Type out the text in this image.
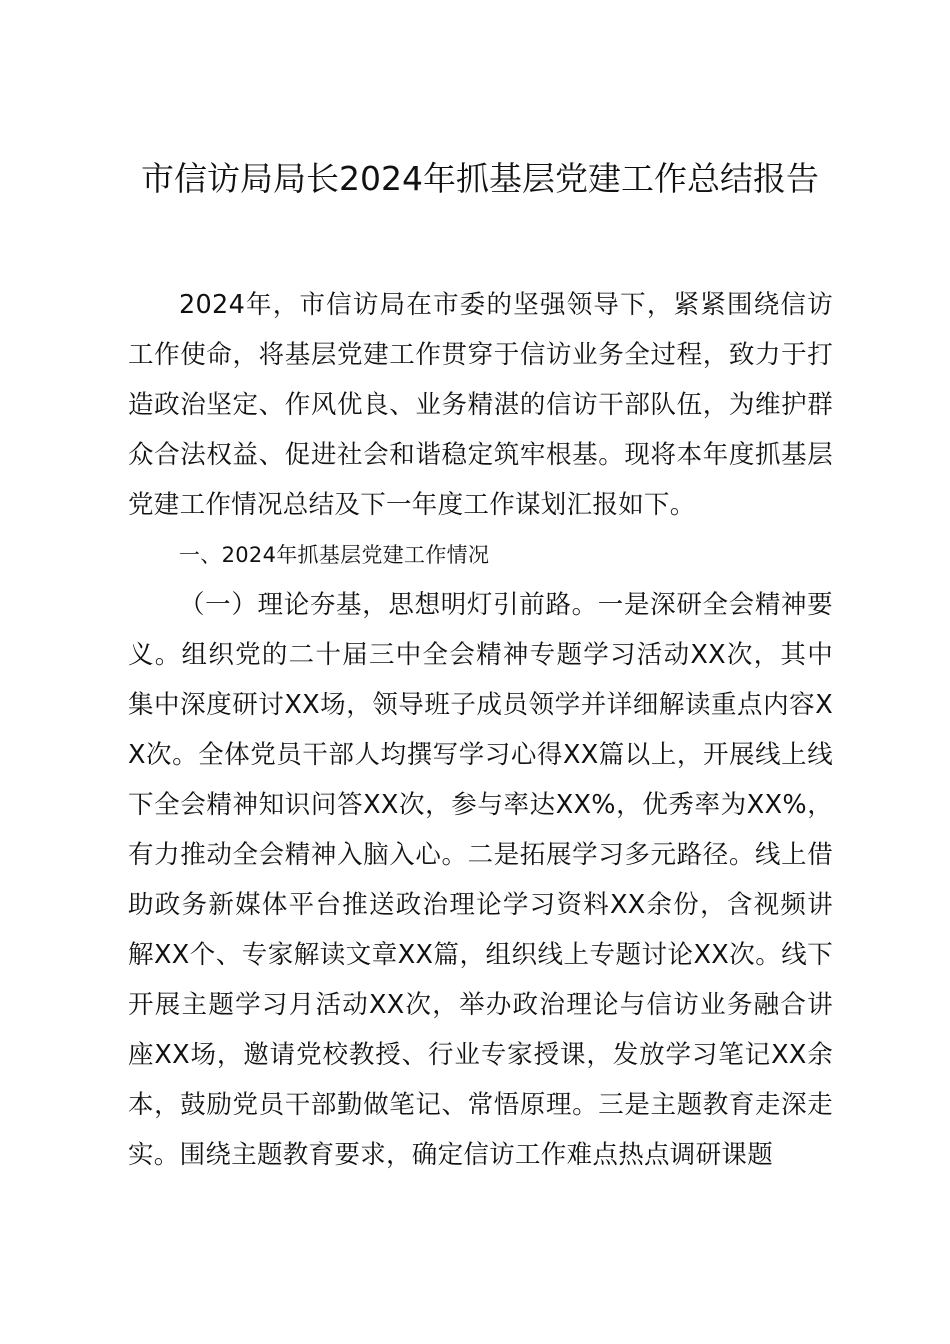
市信访局局长2024年抓基层党建工作总结报告

2024年，市信访局在市委的坚强领导下，紧紧围绕信访工作使命，将基层党建工作贯穿于信访业务全过程，致力于打造政治坚定、作风优良、业务精湛的信访干部队伍，为维护群众合法权益、促进社会和谐稳定筑牢根基。现将本年度抓基层党建工作情况总结及下一年度工作谋划汇报如下。

一、2024年抓基层党建工作情况

（一）理论夯基，思想明灯引前路。一是深研全会精神要义。组织党的二十届三中全会精神专题学习活动XX次，其中集中深度研讨XX场，领导班子成员领学并详细解读重点内容XX次。全体党员干部人均撰写学习心得XX篇以上，开展线上线下全会精神知识问答XX次，参与率达XX%，优秀率为XX%，有力推动全会精神入脑入心。二是拓展学习多元路径。线上借助政务新媒体平台推送政治理论学习资料XX余份，含视频讲解XX个、专家解读文章XX篇，组织线上专题讨论XX次。线下开展主题学习月活动XX次，举办政治理论与信访业务融合讲座XX场，邀请党校教授、行业专家授课，发放学习笔记XX余本，鼓励党员干部勤做笔记、常悟原理。三是主题教育走深走实。围绕主题教育要求，确定信访工作难点热点调研课题
